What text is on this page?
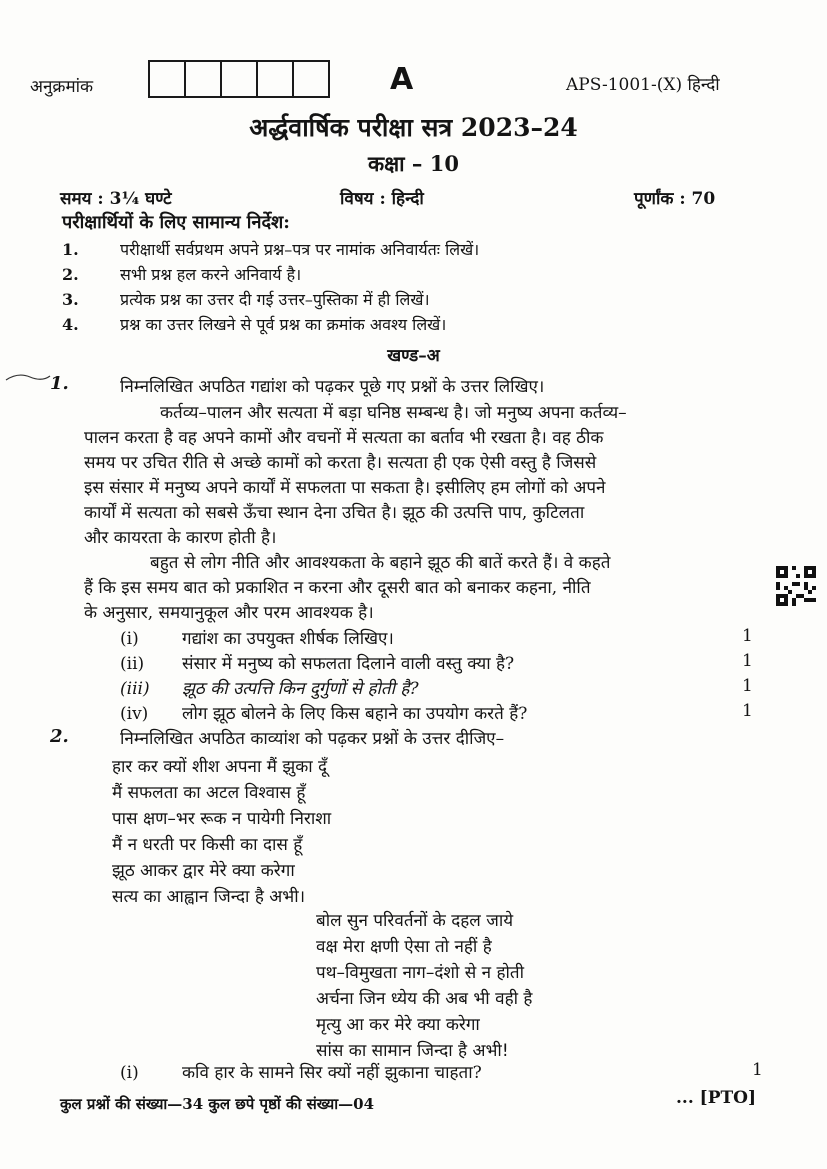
अनुक्रमांक	A	APS-1001-(X) हिन्दी
अर्द्धवार्षिक परीक्षा सत्र 2023–24
कक्षा – 10
समय : 3¼ घण्टे	विषय : हिन्दी	पूर्णांक : 70
परीक्षार्थियों के लिए सामान्य निर्देश:
1.	परीक्षार्थी सर्वप्रथम अपने प्रश्न–पत्र पर नामांक अनिवार्यतः लिखें।
2.	सभी प्रश्न हल करने अनिवार्य है।
3.	प्रत्येक प्रश्न का उत्तर दी गई उत्तर–पुस्तिका में ही लिखें।
4.	प्रश्न का उत्तर लिखने से पूर्व प्रश्न का क्रमांक अवश्य लिखें।
खण्ड–अ
1.	निम्नलिखित अपठित गद्यांश को पढ़कर पूछे गए प्रश्नों के उत्तर लिखिए।
कर्तव्य–पालन और सत्यता में बड़ा घनिष्ठ सम्बन्ध है। जो मनुष्य अपना कर्तव्य–
पालन करता है वह अपने कामों और वचनों में सत्यता का बर्ताव भी रखता है। वह ठीक
समय पर उचित रीति से अच्छे कामों को करता है। सत्यता ही एक ऐसी वस्तु है जिससे
इस संसार में मनुष्य अपने कार्यों में सफलता पा सकता है। इसीलिए हम लोगों को अपने
कार्यों में सत्यता को सबसे ऊँचा स्थान देना उचित है। झूठ की उत्पत्ति पाप, कुटिलता
और कायरता के कारण होती है।
बहुत से लोग नीति और आवश्यकता के बहाने झूठ की बातें करते हैं। वे कहते
हैं कि इस समय बात को प्रकाशित न करना और दूसरी बात को बनाकर कहना, नीति
के अनुसार, समयानुकूल और परम आवश्यक है।
(i)	गद्यांश का उपयुक्त शीर्षक लिखिए।	1
(ii) संसार में मनुष्य को सफलता दिलाने वाली वस्तु क्या है?	1
(iii) झूठ की उत्पत्ति किन दुर्गुणों से होती है?	1
(iv) लोग झूठ बोलने के लिए किस बहाने का उपयोग करते हैं?	1
2.	निम्नलिखित अपठित काव्यांश को पढ़कर प्रश्नों के उत्तर दीजिए–
हार कर क्यों शीश अपना मैं झुका दूँ
मैं सफलता का अटल विश्वास हूँ
पास क्षण–भर रूक न पायेगी निराशा
मैं न धरती पर किसी का दास हूँ
झूठ आकर द्वार मेरे क्या करेगा
सत्य का आह्वान जिन्दा है अभी।
बोल सुन परिवर्तनों के दहल जाये
वक्ष मेरा क्षणी ऐसा तो नहीं है
पथ–विमुखता नाग–दंशो से न होती
अर्चना जिन ध्येय की अब भी वही है
मृत्यु आ कर मेरे क्या करेगा
सांस का सामान जिन्दा है अभी!
(i)	कवि हार के सामने सिर क्यों नहीं झुकाना चाहता?	1
कुल प्रश्नों की संख्या—34 कुल छपे पृष्ठों की संख्या—04	... [PTO]
